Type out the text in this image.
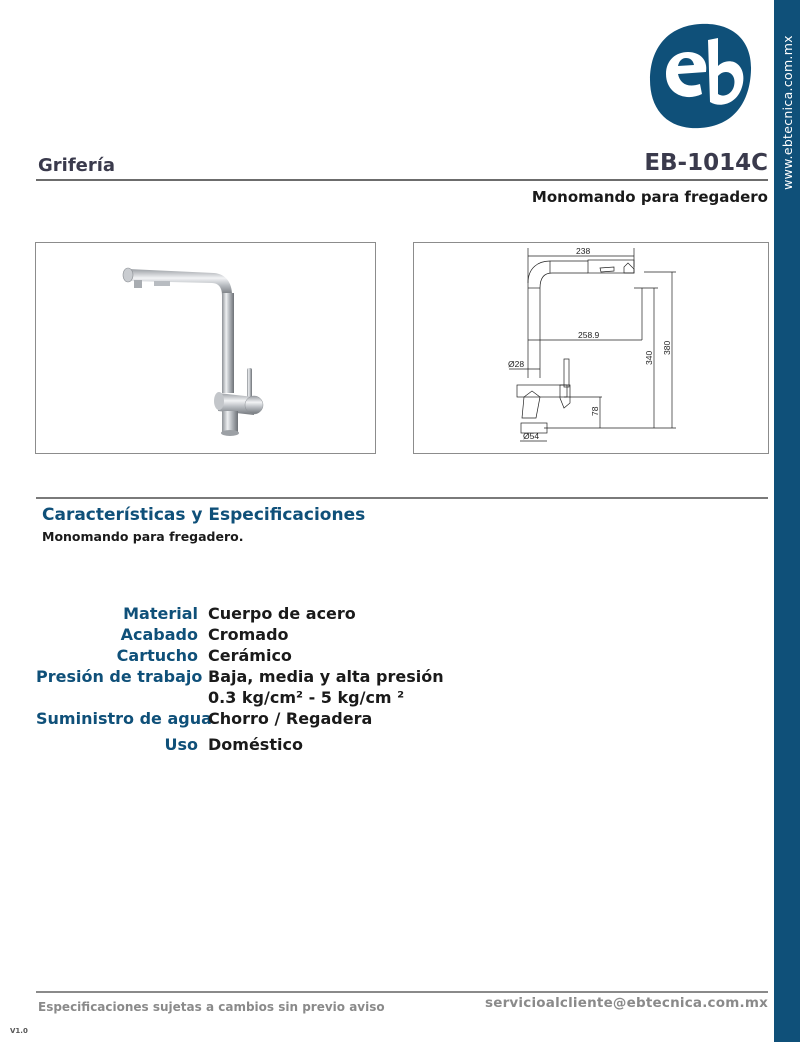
www.ebtecnica.com.mx
Grifería	EB-1014C
Monomando para fregadero
238
258.9
Ø28
Ø54
340
380
78
Características y Especificaciones
Monomando para fregadero.
Material Cuerpo de acero
Acabado Cromado
Cartucho Cerámico
Presión de trabajo Baja, media y alta presión
0.3 kg/cm² - 5 kg/cm ²
Suministro de agua
Chorro / Regadera
Uso Doméstico
Especificaciones sujetas a cambios sin previo aviso	servicioalcliente@ebtecnica.com.mx
V1.0
